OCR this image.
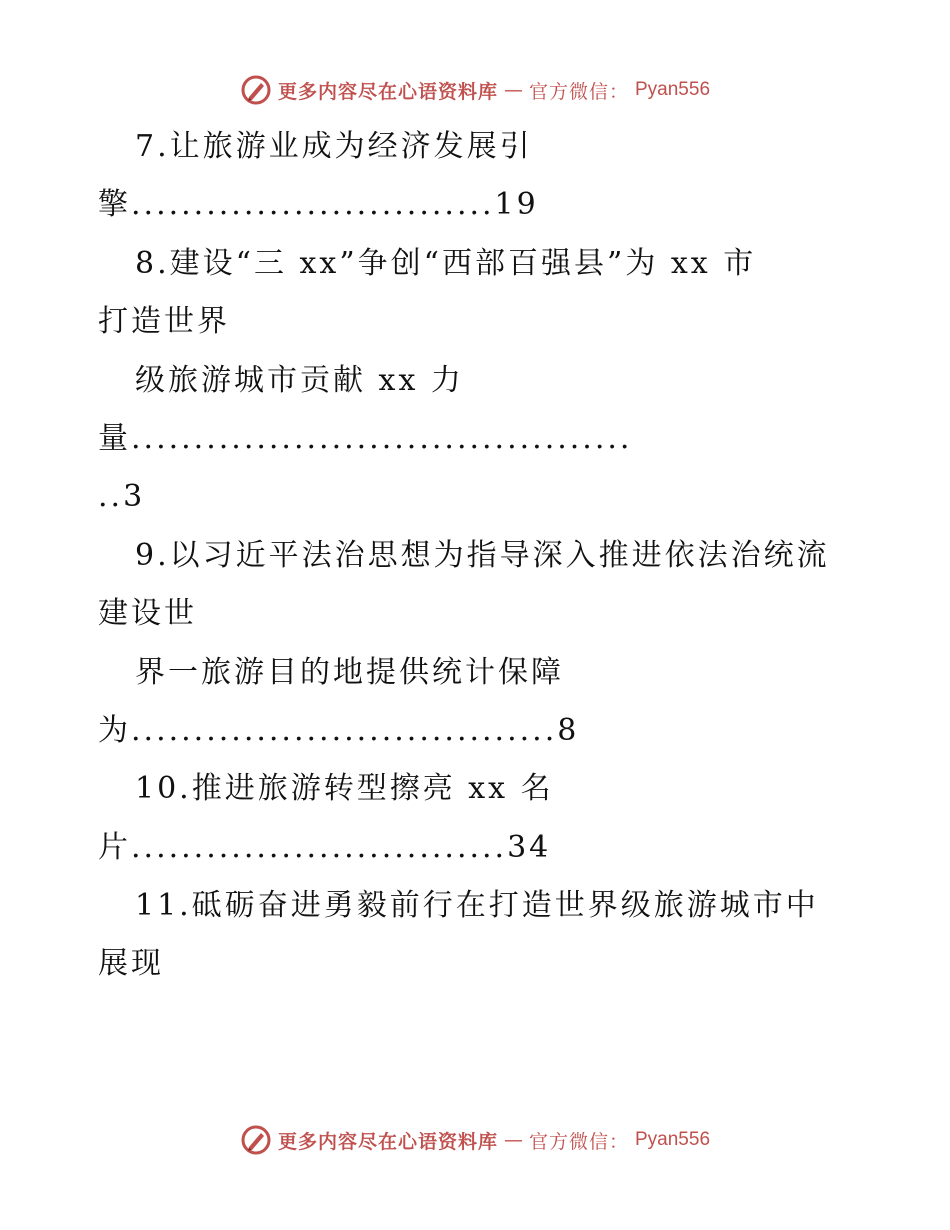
更多内容尽在心语资料库 — 官方微信： Pyan556
7.让旅游业成为经济发展引
擎.............................19
8.建设“三 xx”争创“西部百强县”为 xx 市
打造世界
级旅游城市贡献 xx 力
量........................................
..3
9.以习近平法治思想为指导深入推进依法治统流
建设世
界一旅游目的地提供统计保障
为..................................8
10.推进旅游转型擦亮 xx 名
片..............................34
11.砥砺奋进勇毅前行在打造世界级旅游城市中
展现
更多内容尽在心语资料库 — 官方微信： Pyan556
